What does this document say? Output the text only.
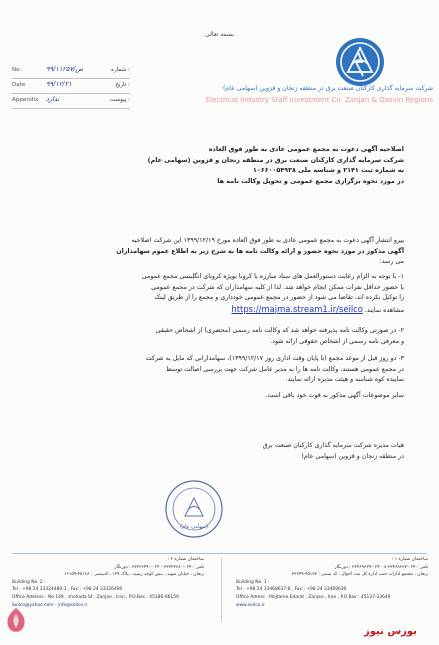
بسمه تعالی
No.	۹۹/۱۱۲۵۷/ص	شماره :
Date	۹۹/۱۲/۲۱	تاریخ :
Appendix ندارد	پیوست :
شرکت سرمایه گذاری کارکنان صنعت برق در منطقه زنجان و قزوین (سهامی عام)
Electrical Industry Staff Investment Co. Zanjan & Qazvin Regions
اصلاحیه آگهی دعوت به مجمع عمومی عادی به طور فوق العاده
شرکت سرمایه گذاری کارکنان صنعت برق در منطقه زنجان و قزوین (سهامی عام)
به شماره ثبت ۲۱۴۱ و شناسه ملی ۱۰۶۶۰۰۵۴۹۳۸
در مورد نحوه برگزاری مجمع عمومی و تحویل وکالت نامه ها
پیرو انتشار آگهی دعوت به مجمع عمومی عادی به طور فوق العاده مورخ ۱۳۹۹/۱۲/۱۹ این شرکت اصلاحیه
آگهی مذکور در مورد نحوه حضور و ارائه وکالت نامه ها به شرح زیر به اطلاع عموم سهامداران
می رسد:
۱- با توجه به الزام رعایت دستورالعمل های ستاد مبارزه با کرونا بویژه کرونای انگلیسی مجمع عمومی
با حضور حداقل نفرات ممکن انجام خواهد شد. لذا از کلیه سهامداران که شرکت در مجمع عمومی
را توکیل نکرده اند، تقاضا می شود از حضور در مجمع عمومی خودداری و مجمع را از طریق لینک
مشاهده نمایند. https://majma.stream1.ir/seilco
۲- در صورتی وکالت نامه پذیرفته خواهد شد که وکالت نامه رسمی (محضری) از اشخاص حقیقی
و معرفی نامه رسمی از اشخاص حقوقی ارائه شود.
۳- دو روز قبل از موعد مجمع (تا پایان وقت اداری روز ۱۳۹۹/۱۲/۱۷)، سهامدارانی که مایل به شرکت
در مجمع عمومی هستند، وکالت نامه ها را به مدیر عامل شرکت جهت بررسی اصالت توسط
نماینده کوه شناسه و هیئت مدیره ارائه نمایند.
سایر موضوعات آگهی مذکور به قوت خود باقی است.
هیات مدیره شرکت سرمایه گذاری کارکنان صنعت برق
در منطقه زنجان و قزوین (سهامی عام)
(سهامی عام)
ساختمان شماره ۲ :
تلفن : ۰۲۴-۳۳۳۲۴۶۸۰ - ۰۲۴-۳۳۳۲۶۴۹۰ : دورنگار
زنجان ، خیابان شهید ، نبش کوچه زینبیه ، پلاک ۱۴۹ ، کدپستی : ۴۵۱۸۶-۶۶۱۵۹
Building No. 2 :
Tel : +98 24 33324480-1 , Fax : +98 24 33326490
Office Address : No 149 , shohada St , Zanjan , Iran , P.O.Box : 45186-66159
Seilco@yahoo.com - info@seilco.ir
ساختمان شماره ۱ :
تلفن : ۰۲۴-۳۳۴۶۸۶۳۷-۸ - ۰۲۴-۳۳۴۶۹۶۳۹ : دورنگار
زنجان ، مجتمع ادارات جنب اداره کل ثبت احوال ، کد پستی : ۴۵۱۳۷-۳۳۶۴۹
Building No. 1 :
Tel : +98 24 33468637-8 , Fax : +98 24 33469639
Office Adress : Mojtame Edarat , Zanjan , Iran , P.O.Box : 45137-33649
www.seilco.ir
بورس نیوز
